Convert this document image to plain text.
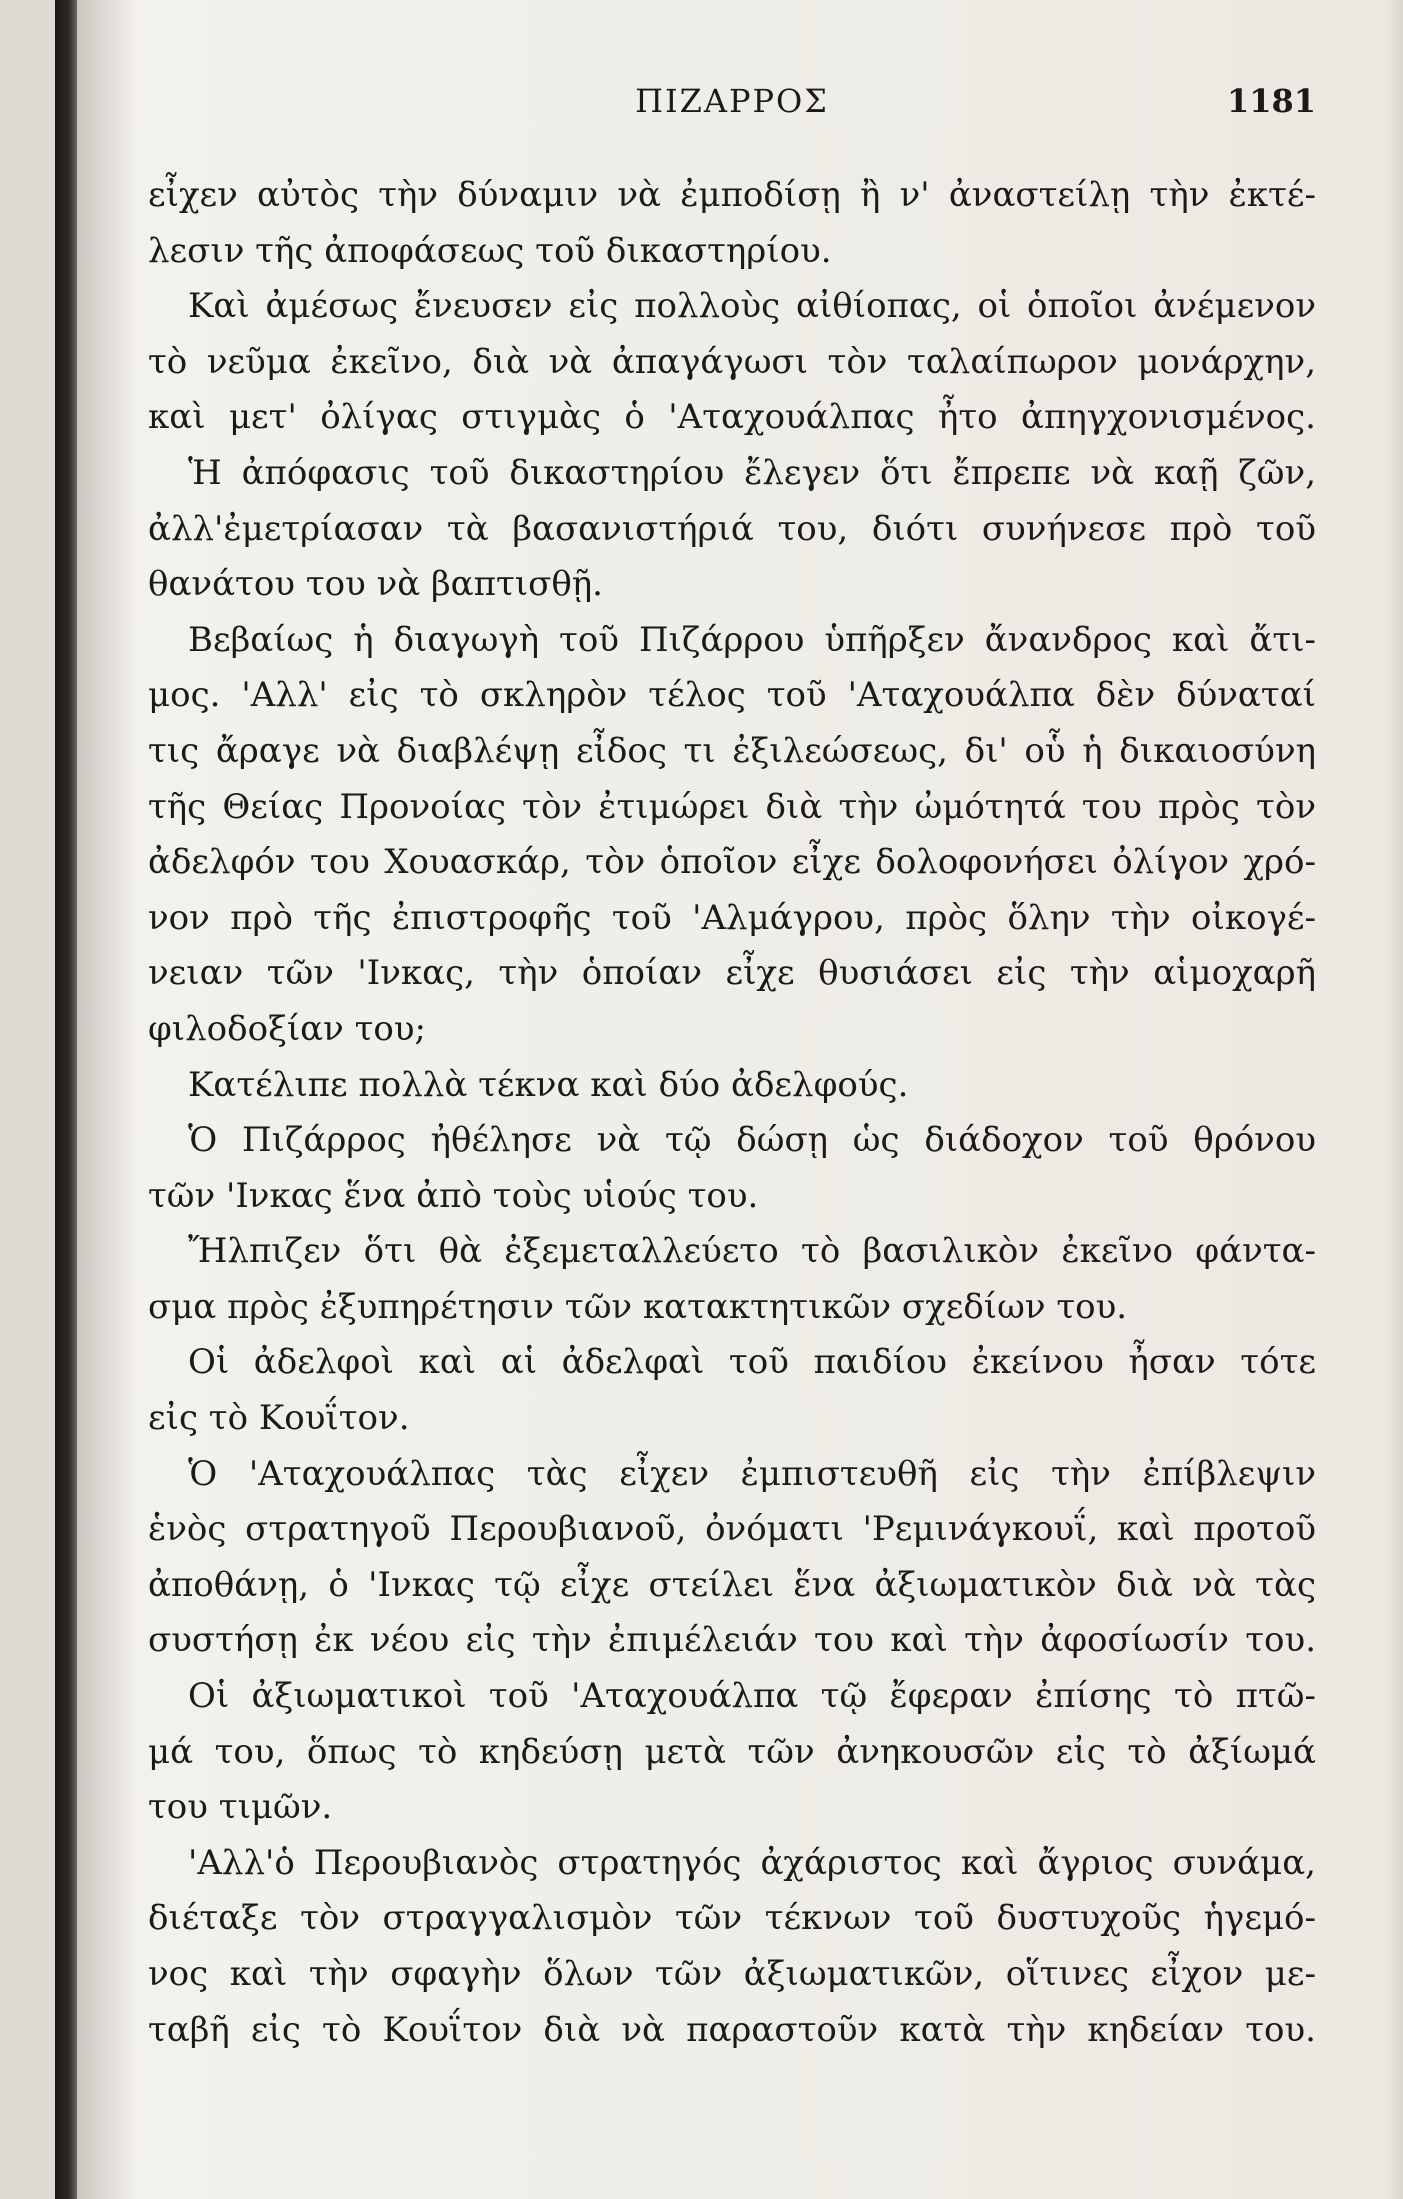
ΠΙΖΑΡΡΟΣ	1181
εἶχεν αὐτὸς τὴν δύναμιν νὰ ἐμποδίσῃ ἢ ν' ἀναστείλῃ τὴν ἐκτέ-
λεσιν τῆς ἀποφάσεως τοῦ δικαστηρίου.
Καὶ ἀμέσως ἔνευσεν εἰς πολλοὺς αἰθίοπας, οἱ ὁποῖοι ἀνέμενον
τὸ νεῦμα ἐκεῖνο, διὰ νὰ ἀπαγάγωσι τὸν ταλαίπωρον μονάρχην,
καὶ μετ' ὀλίγας στιγμὰς ὁ 'Αταχουάλπας ἦτο ἀπηγχονισμένος.
Ἡ ἀπόφασις τοῦ δικαστηρίου ἔλεγεν ὅτι ἔπρεπε νὰ καῇ ζῶν,
ἀλλ'ἐμετρίασαν τὰ βασανιστήριά του, διότι συνήνεσε πρὸ τοῦ
θανάτου του νὰ βαπτισθῇ.
Βεβαίως ἡ διαγωγὴ τοῦ Πιζάρρου ὑπῆρξεν ἄνανδρος καὶ ἄτι-
μος. 'Αλλ' εἰς τὸ σκληρὸν τέλος τοῦ 'Αταχουάλπα δὲν δύναταί
τις ἄραγε νὰ διαβλέψῃ εἶδος τι ἐξιλεώσεως, δι' οὗ ἡ δικαιοσύνη
τῆς Θείας Προνοίας τὸν ἐτιμώρει διὰ τὴν ὠμότητά του πρὸς τὸν
ἀδελφόν του Χουασκάρ, τὸν ὁποῖον εἶχε δολοφονήσει ὀλίγον χρό-
νον πρὸ τῆς ἐπιστροφῆς τοῦ 'Αλμάγρου, πρὸς ὅλην τὴν οἰκογέ-
νειαν τῶν 'Ινκας, τὴν ὁποίαν εἶχε θυσιάσει εἰς τὴν αἱμοχαρῆ
φιλοδοξίαν του;
Κατέλιπε πολλὰ τέκνα καὶ δύο ἀδελφούς.
Ὁ Πιζάρρος ἠθέλησε νὰ τῷ δώσῃ ὡς διάδοχον τοῦ θρόνου
τῶν 'Ινκας ἕνα ἀπὸ τοὺς υἱούς του.
Ἤλπιζεν ὅτι θὰ ἐξεμεταλλεύετο τὸ βασιλικὸν ἐκεῖνο φάντα-
σμα πρὸς ἐξυπηρέτησιν τῶν κατακτητικῶν σχεδίων του.
Οἱ ἀδελφοὶ καὶ αἱ ἀδελφαὶ τοῦ παιδίου ἐκείνου ἦσαν τότε
εἰς τὸ Κουΐτον.
Ὁ 'Αταχουάλπας τὰς εἶχεν ἐμπιστευθῆ εἰς τὴν ἐπίβλεψιν
ἑνὸς στρατηγοῦ Περουβιανοῦ, ὀνόματι 'Ρεμινάγκουΐ, καὶ προτοῦ
ἀποθάνῃ, ὁ 'Ινκας τῷ εἶχε στείλει ἕνα ἀξιωματικὸν διὰ νὰ τὰς
συστήσῃ ἐκ νέου εἰς τὴν ἐπιμέλειάν του καὶ τὴν ἀφοσίωσίν του.
Οἱ ἀξιωματικοὶ τοῦ 'Αταχουάλπα τῷ ἔφεραν ἐπίσης τὸ πτῶ-
μά του, ὅπως τὸ κηδεύσῃ μετὰ τῶν ἀνηκουσῶν εἰς τὸ ἀξίωμά
του τιμῶν.
'Αλλ'ὁ Περουβιανὸς στρατηγός ἀχάριστος καὶ ἄγριος συνάμα,
διέταξε τὸν στραγγαλισμὸν τῶν τέκνων τοῦ δυστυχοῦς ἡγεμό-
νος καὶ τὴν σφαγὴν ὅλων τῶν ἀξιωματικῶν, οἵτινες εἶχον με-
ταβῆ εἰς τὸ Κουΐτον διὰ νὰ παραστοῦν κατὰ τὴν κηδείαν του.
